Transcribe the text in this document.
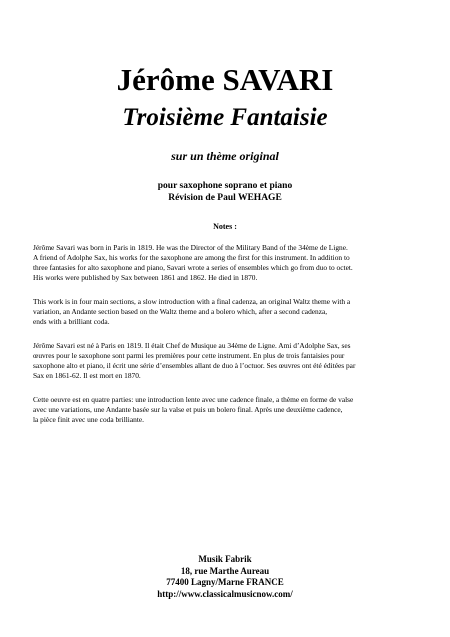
Jérôme SAVARI
Troisième Fantaisie
sur un thème original
pour saxophone soprano et piano
Révision de Paul WEHAGE
Notes :
Jérôme Savari was born in Paris in 1819. He was the Director of the Military Band of the 34ème de Ligne.
A friend of Adolphe Sax, his works for the saxophone are among the first for this instrument. In addition to
three fantasies for alto saxophone and piano, Savari wrote a series of ensembles which go from duo to octet.
His works were published by Sax between 1861 and 1862. He died in 1870.
This work is in four main sections, a slow introduction with a final cadenza, an original Waltz theme with a
variation, an Andante section based on the Waltz theme and a bolero which, after a second cadenza,
ends with a brilliant coda.
Jérôme Savari est né à Paris en 1819. Il était Chef de Musique au 34ème de Ligne. Ami d’Adolphe Sax, ses
œuvres pour le saxophone sont parmi les premières pour cette instrument. En plus de trois fantaisies pour
saxophone alto et piano, il écrit une série d’ensembles allant de duo à l’octuor. Ses œuvres ont été éditées par
Sax en 1861-62. Il est mort en 1870.
Cette oeuvre est en quatre parties: une introduction lente avec une cadence finale, a thème en forme de valse
avec une variations, une Andante basée sur la valse et puis un bolero final. Après une deuxième cadence,
la pièce finit avec une coda brilliante.
Musik Fabrik
18, rue Marthe Aureau
77400 Lagny/Marne FRANCE
http://www.classicalmusicnow.com/
